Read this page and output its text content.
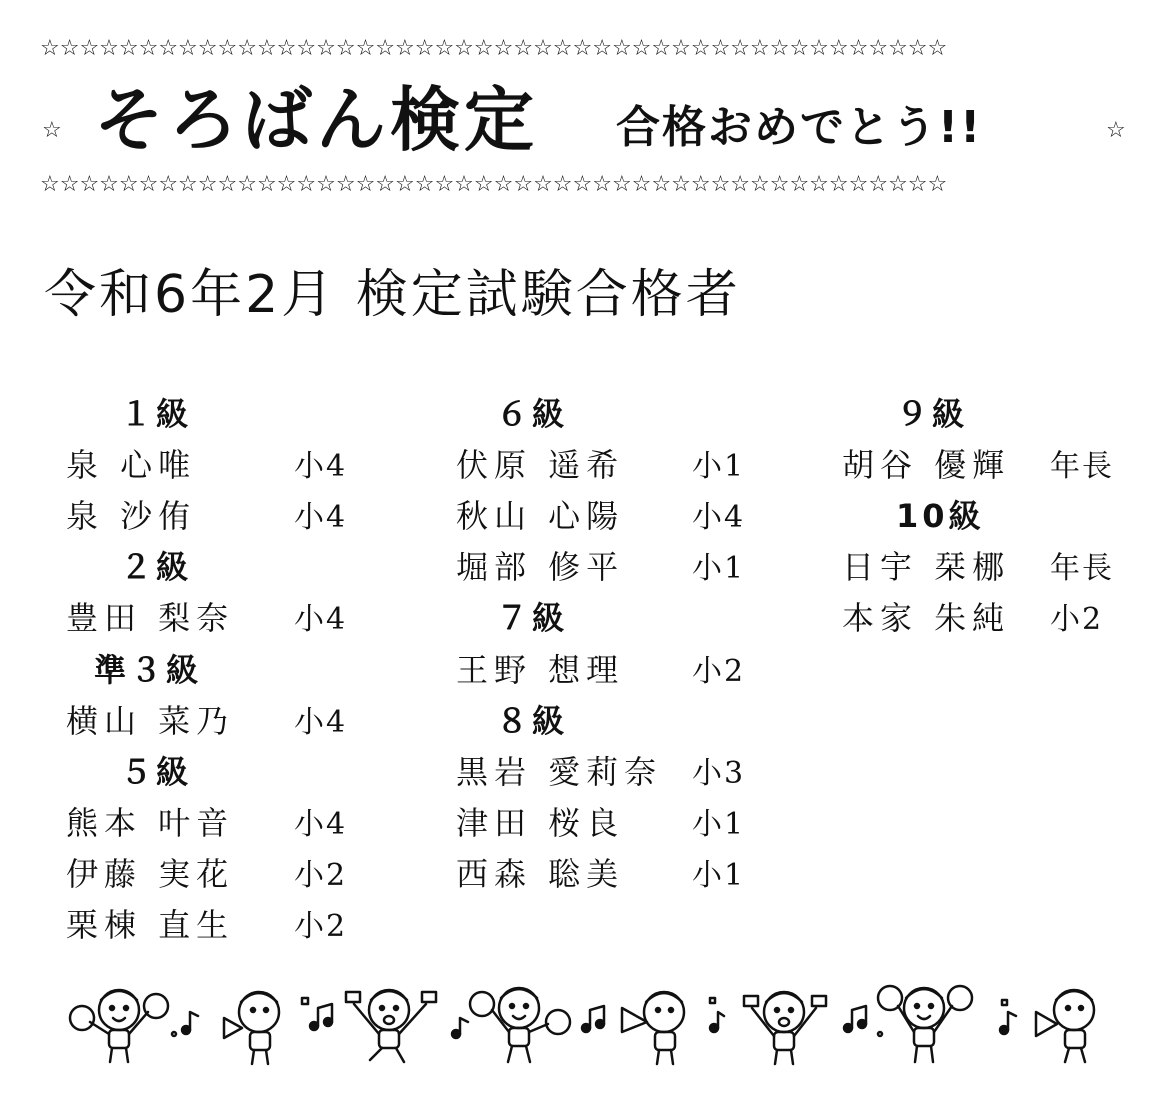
☆☆☆☆☆☆☆☆☆☆☆☆☆☆☆☆☆☆☆☆☆☆☆☆☆☆☆☆☆☆☆☆☆☆☆☆☆☆☆☆☆☆☆☆☆☆
☆ そろばん検定 合格おめでとう!!	☆
☆☆☆☆☆☆☆☆☆☆☆☆☆☆☆☆☆☆☆☆☆☆☆☆☆☆☆☆☆☆☆☆☆☆☆☆☆☆☆☆☆☆☆☆☆☆
令和6年2月 検定試験合格者
１級
泉 心唯	小4
泉 沙侑	小4
２級
豊田 梨奈	小4
準３級
横山 菜乃	小4
５級
熊本 叶音	小4
伊藤 実花	小2
栗棟 直生	小2
６級
伏原 遥希	小1
秋山 心陽	小4
堀部 修平	小1
７級
王野 想理	小2
８級
黒岩 愛莉奈 小3
津田 桜良	小1
西森 聡美	小1
９級
胡谷 優輝	年長
10級
日宇 栞梛	年長
本家 朱純	小2
